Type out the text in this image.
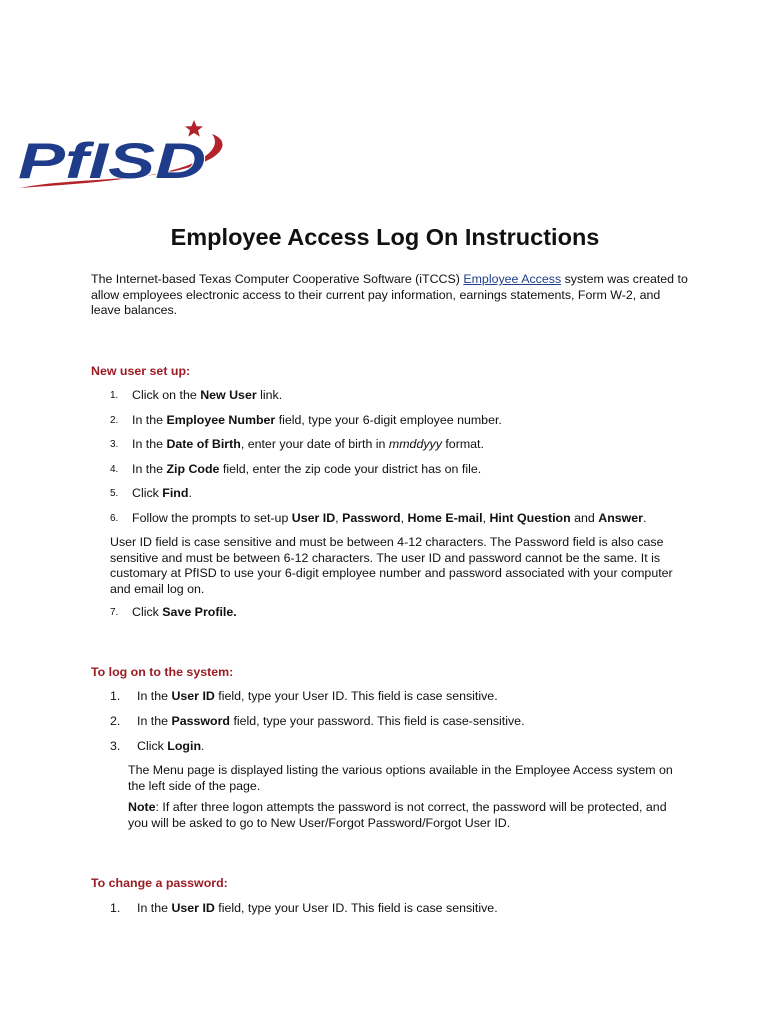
PfISD
Employee Access Log On Instructions

The Internet-based Texas Computer Cooperative Software (iTCCS) Employee Access system was created to allow employees electronic access to their current pay information, earnings statements, Form W-2, and leave balances.

New user set up:

1. Click on the New User link.
2. In the Employee Number field, type your 6-digit employee number.
3. In the Date of Birth, enter your date of birth in mmddyyy format.
4. In the Zip Code field, enter the zip code your district has on file.
5. Click Find.
6. Follow the prompts to set-up User ID, Password, Home E-mail, Hint Question and Answer.

User ID field is case sensitive and must be between 4-12 characters. The Password field is also case sensitive and must be between 6-12 characters. The user ID and password cannot be the same. It is customary at PfISD to use your 6-digit employee number and password associated with your computer and email log on.

7. Click Save Profile.

To log on to the system:

1. In the User ID field, type your User ID. This field is case sensitive.
2. In the Password field, type your password. This field is case-sensitive.
3. Click Login.

The Menu page is displayed listing the various options available in the Employee Access system on the left side of the page.

Note: If after three logon attempts the password is not correct, the password will be protected, and you will be asked to go to New User/Forgot Password/Forgot User ID.

To change a password:

1. In the User ID field, type your User ID. This field is case sensitive.
